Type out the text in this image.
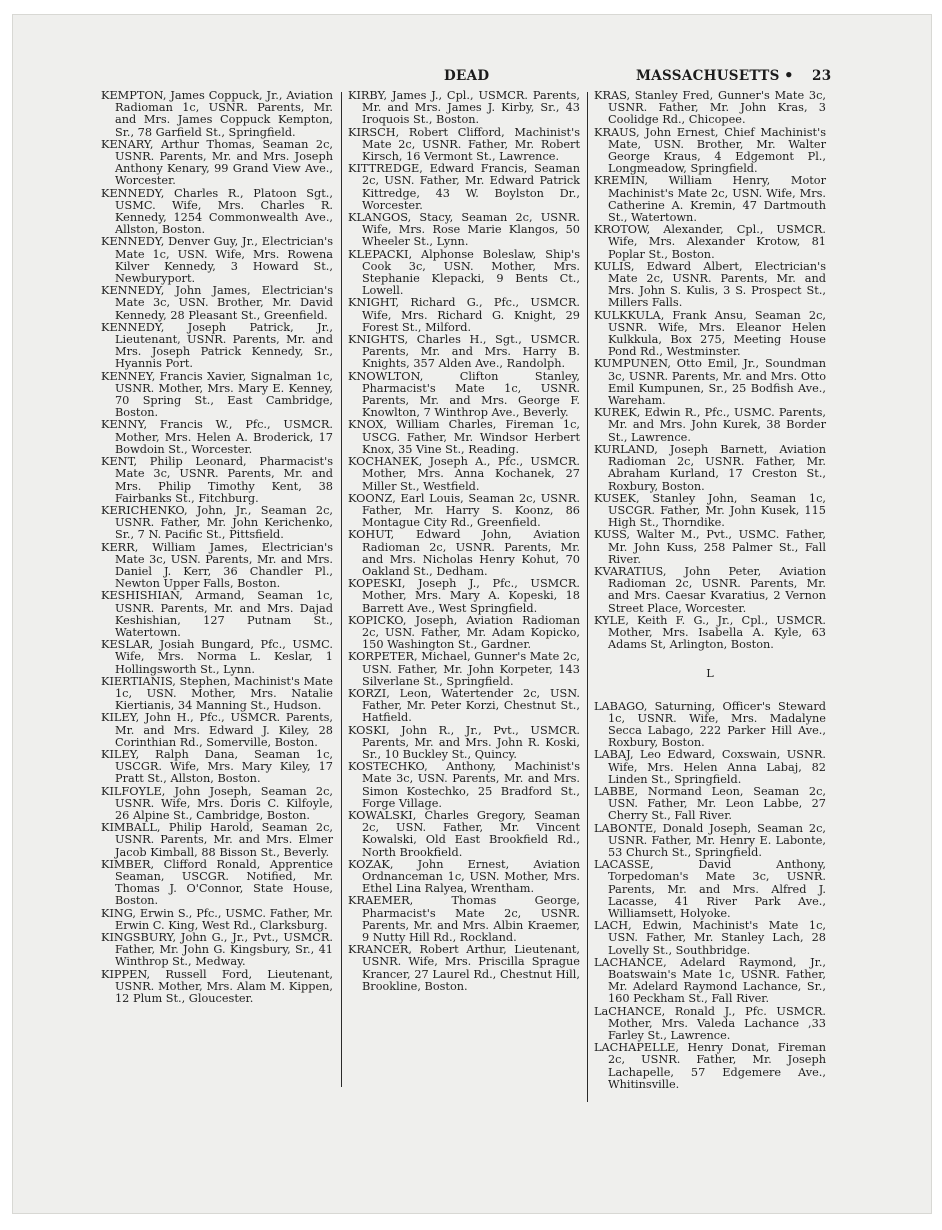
DEAD	MASSACHUSETTS • 23

KEMPTON, James Coppuck, Jr., Aviation Radioman 1c, USNR. Parents, Mr. and Mrs. James Coppuck Kempton, Sr., 78 Garfield St., Springfield.

KENARY, Arthur Thomas, Seaman 2c, USNR. Parents, Mr. and Mrs. Joseph Anthony Kenary, 99 Grand View Ave., Worcester.

KENNEDY, Charles R., Platoon Sgt., USMC. Wife, Mrs. Charles R. Kennedy, 1254 Commonwealth Ave., Allston, Boston.

KENNEDY, Denver Guy, Jr., Electrician's Mate 1c, USN. Wife, Mrs. Rowena Kilver Kennedy, 3 Howard St., Newburyport.

KENNEDY, John James, Electrician's Mate 3c, USN. Brother, Mr. David Kennedy, 28 Pleasant St., Greenfield.

KENNEDY, Joseph Patrick, Jr., Lieutenant, USNR. Parents, Mr. and Mrs. Joseph Patrick Kennedy, Sr., Hyannis Port.

KENNEY, Francis Xavier, Signalman 1c, USNR. Mother, Mrs. Mary E. Kenney, 70 Spring St., East Cambridge, Boston.

KENNY, Francis W., Pfc., USMCR. Mother, Mrs. Helen A. Broderick, 17 Bowdoin St., Worcester.

KENT, Philip Leonard, Pharmacist's Mate 3c, USNR. Parents, Mr. and Mrs. Philip Timothy Kent, 38 Fairbanks St., Fitchburg.

KERICHENKO, John, Jr., Seaman 2c, USNR. Father, Mr. John Kerichenko, Sr., 7 N. Pacific St., Pittsfield.

KERR, William James, Electrician's Mate 3c, USN. Parents, Mr. and Mrs. Daniel J. Kerr, 36 Chandler Pl., Newton Upper Falls, Boston.

KESHISHIAN, Armand, Seaman 1c, USNR. Parents, Mr. and Mrs. Dajad Keshishian, 127 Putnam St., Watertown.

KESLAR, Josiah Bungard, Pfc., USMC. Wife, Mrs. Norma L. Keslar, 1 Hollingsworth St., Lynn.

KIERTIANIS, Stephen, Machinist's Mate 1c, USN. Mother, Mrs. Natalie Kiertianis, 34 Manning St., Hudson.

KILEY, John H., Pfc., USMCR. Parents, Mr. and Mrs. Edward J. Kiley, 28 Corinthian Rd., Somerville, Boston.

KILEY, Ralph Dana, Seaman 1c, USCGR. Wife, Mrs. Mary Kiley, 17 Pratt St., Allston, Boston.

KILFOYLE, John Joseph, Seaman 2c, USNR. Wife, Mrs. Doris C. Kilfoyle, 26 Alpine St., Cambridge, Boston.

KIMBALL, Philip Harold, Seaman 2c, USNR. Parents, Mr. and Mrs. Elmer Jacob Kimball, 88 Bisson St., Beverly.

KIMBER, Clifford Ronald, Apprentice Seaman, USCGR. Notified, Mr. Thomas J. O'Connor, State House, Boston.

KING, Erwin S., Pfc., USMC. Father, Mr. Erwin C. King, West Rd., Clarksburg.

KINGSBURY, John G., Jr., Pvt., USMCR. Father, Mr. John G. Kingsbury, Sr., 41 Winthrop St., Medway.

KIPPEN, Russell Ford, Lieutenant, USNR. Mother, Mrs. Alam M. Kippen, 12 Plum St., Gloucester.

KIRBY, James J., Cpl., USMCR. Parents, Mr. and Mrs. James J. Kirby, Sr., 43 Iroquois St., Boston.

KIRSCH, Robert Clifford, Machinist's Mate 2c, USNR. Father, Mr. Robert Kirsch, 16 Vermont St., Lawrence.

KITTREDGE, Edward Francis, Seaman 2c, USN. Father, Mr. Edward Patrick Kittredge, 43 W. Boylston Dr., Worcester.

KLANGOS, Stacy, Seaman 2c, USNR. Wife, Mrs. Rose Marie Klangos, 50 Wheeler St., Lynn.

KLEPACKI, Alphonse Boleslaw, Ship's Cook 3c, USN. Mother, Mrs. Stephanie Klepacki, 9 Bents Ct., Lowell.

KNIGHT, Richard G., Pfc., USMCR. Wife, Mrs. Richard G. Knight, 29 Forest St., Milford.

KNIGHTS, Charles H., Sgt., USMCR. Parents, Mr. and Mrs. Harry B. Knights, 357 Alden Ave., Randolph.

KNOWLTON, Clifton Stanley, Pharmacist's Mate 1c, USNR. Parents, Mr. and Mrs. George F. Knowlton, 7 Winthrop Ave., Beverly.

KNOX, William Charles, Fireman 1c, USCG. Father, Mr. Windsor Herbert Knox, 35 Vine St., Reading.

KOCHANEK, Joseph A., Pfc., USMCR. Mother, Mrs. Anna Kochanek, 27 Miller St., Westfield.

KOONZ, Earl Louis, Seaman 2c, USNR. Father, Mr. Harry S. Koonz, 86 Montague City Rd., Greenfield.

KOHUT, Edward John, Aviation Radioman 2c, USNR. Parents, Mr. and Mrs. Nicholas Henry Kohut, 70 Oakland St., Dedham.

KOPESKI, Joseph J., Pfc., USMCR. Mother, Mrs. Mary A. Kopeski, 18 Barrett Ave., West Springfield.

KOPICKO, Joseph, Aviation Radioman 2c, USN. Father, Mr. Adam Kopicko, 150 Washington St., Gardner.

KORPETER, Michael, Gunner's Mate 2c, USN. Father, Mr. John Korpeter, 143 Silverlane St., Springfield.

KORZI, Leon, Watertender 2c, USN. Father, Mr. Peter Korzi, Chestnut St., Hatfield.

KOSKI, John R., Jr., Pvt., USMCR. Parents, Mr. and Mrs. John R. Koski, Sr., 10 Buckley St., Quincy.

KOSTECHKO, Anthony, Machinist's Mate 3c, USN. Parents, Mr. and Mrs. Simon Kostechko, 25 Bradford St., Forge Village.

KOWALSKI, Charles Gregory, Seaman 2c, USN. Father, Mr. Vincent Kowalski, Old East Brookfield Rd., North Brookfield.

KOZAK, John Ernest, Aviation Ordnanceman 1c, USN. Mother, Mrs. Ethel Lina Ralyea, Wrentham.

KRAEMER, Thomas George, Pharmacist's Mate 2c, USNR. Parents, Mr. and Mrs. Albin Kraemer, 9 Nutty Hill Rd., Rockland.

KRANCER, Robert Arthur, Lieutenant, USNR. Wife, Mrs. Priscilla Sprague Krancer, 27 Laurel Rd., Chestnut Hill, Brookline, Boston.

KRAS, Stanley Fred, Gunner's Mate 3c, USNR. Father, Mr. John Kras, 3 Coolidge Rd., Chicopee.

KRAUS, John Ernest, Chief Machinist's Mate, USN. Brother, Mr. Walter George Kraus, 4 Edgemont Pl., Longmeadow, Springfield.

KREMIN, William Henry, Motor Machinist's Mate 2c, USN. Wife, Mrs. Catherine A. Kremin, 47 Dartmouth St., Watertown.

KROTOW, Alexander, Cpl., USMCR. Wife, Mrs. Alexander Krotow, 81 Poplar St., Boston.

KULIS, Edward Albert, Electrician's Mate 2c, USNR. Parents, Mr. and Mrs. John S. Kulis, 3 S. Prospect St., Millers Falls.

KULKKULA, Frank Ansu, Seaman 2c, USNR. Wife, Mrs. Eleanor Helen Kulkkula, Box 275, Meeting House Pond Rd., Westminster.

KUMPUNEN, Otto Emil, Jr., Soundman 3c, USNR. Parents, Mr. and Mrs. Otto Emil Kumpunen, Sr., 25 Bodfish Ave., Wareham.

KUREK, Edwin R., Pfc., USMC. Parents, Mr. and Mrs. John Kurek, 38 Border St., Lawrence.

KURLAND, Joseph Barnett, Aviation Radioman 2c, USNR. Father, Mr. Abraham Kurland, 17 Creston St., Roxbury, Boston.

KUSEK, Stanley John, Seaman 1c, USCGR. Father, Mr. John Kusek, 115 High St., Thorndike.

KUSS, Walter M., Pvt., USMC. Father, Mr. John Kuss, 258 Palmer St., Fall River.

KVARATIUS, John Peter, Aviation Radioman 2c, USNR. Parents, Mr. and Mrs. Caesar Kvaratius, 2 Vernon Street Place, Worcester.

KYLE, Keith F. G., Jr., Cpl., USMCR. Mother, Mrs. Isabella A. Kyle, 63 Adams St, Arlington, Boston.

L

LABAGO, Saturning, Officer's Steward 1c, USNR. Wife, Mrs. Madalyne Secca Labago, 222 Parker Hill Ave., Roxbury, Boston.

LABAJ, Leo Edward, Coxswain, USNR. Wife, Mrs. Helen Anna Labaj, 82 Linden St., Springfield.

LABBE, Normand Leon, Seaman 2c, USN. Father, Mr. Leon Labbe, 27 Cherry St., Fall River.

LABONTE, Donald Joseph, Seaman 2c, USNR. Father, Mr. Henry E. Labonte, 53 Church St., Springfield.

LACASSE, David Anthony, Torpedoman's Mate 3c, USNR. Parents, Mr. and Mrs. Alfred J. Lacasse, 41 River Park Ave., Williamsett, Holyoke.

LACH, Edwin, Machinist's Mate 1c, USN. Father, Mr. Stanley Lach, 28 Lovelly St., Southbridge.

LACHANCE, Adelard Raymond, Jr., Boatswain's Mate 1c, USNR. Father, Mr. Adelard Raymond Lachance, Sr., 160 Peckham St., Fall River.

LaCHANCE, Ronald J., Pfc. USMCR. Mother, Mrs. Valeda Lachance ,33 Farley St., Lawrence.

LACHAPELLE, Henry Donat, Fireman 2c, USNR. Father, Mr. Joseph Lachapelle, 57 Edgemere Ave., Whitinsville.
